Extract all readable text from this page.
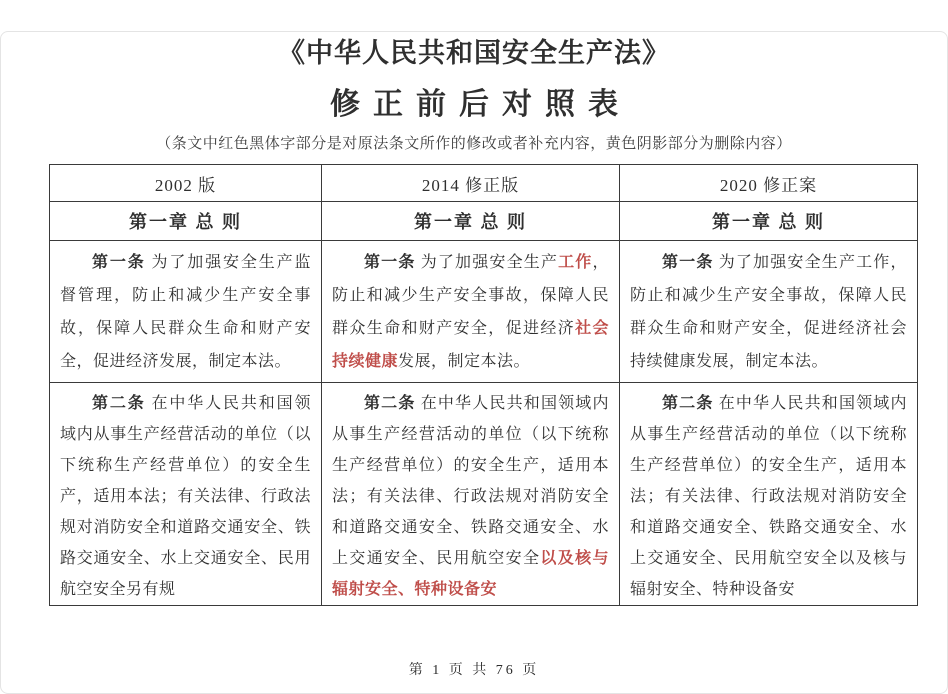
《中华人民共和国安全生产法》
修正前后对照表

（条文中红色黑体字部分是对原法条文所作的修改或者补充内容，黄色阴影部分为删除内容）

2002 版	2014 修正版	2020 修正案
第一章 总 则	第一章 总 则	第一章 总 则

第一条 为了加强安全生产监督管理，防止和减少生产安全事故，保障人民群众生命和财产安全，促进经济发展，制定本法。	第一条 为了加强安全生产工作，防止和减少生产安全事故，保障人民群众生命和财产安全，促进经济社会持续健康发展，制定本法。	第一条 为了加强安全生产工作，防止和减少生产安全事故，保障人民群众生命和财产安全，促进经济社会持续健康发展，制定本法。

第二条 在中华人民共和国领域内从事生产经营活动的单位（以下统称生产经营单位）的安全生产，适用本法；有关法律、行政法规对消防安全和道路交通安全、铁路交通安全、水上交通安全、民用航空安全另有规	第二条 在中华人民共和国领域内从事生产经营活动的单位（以下统称生产经营单位）的安全生产，适用本法；有关法律、行政法规对消防安全和道路交通安全、铁路交通安全、水上交通安全、民用航空安全以及核与辐射安全、特种设备安	第二条 在中华人民共和国领域内从事生产经营活动的单位（以下统称生产经营单位）的安全生产，适用本法；有关法律、行政法规对消防安全和道路交通安全、铁路交通安全、水上交通安全、民用航空安全以及核与辐射安全、特种设备安
第 1 页 共 76 页
